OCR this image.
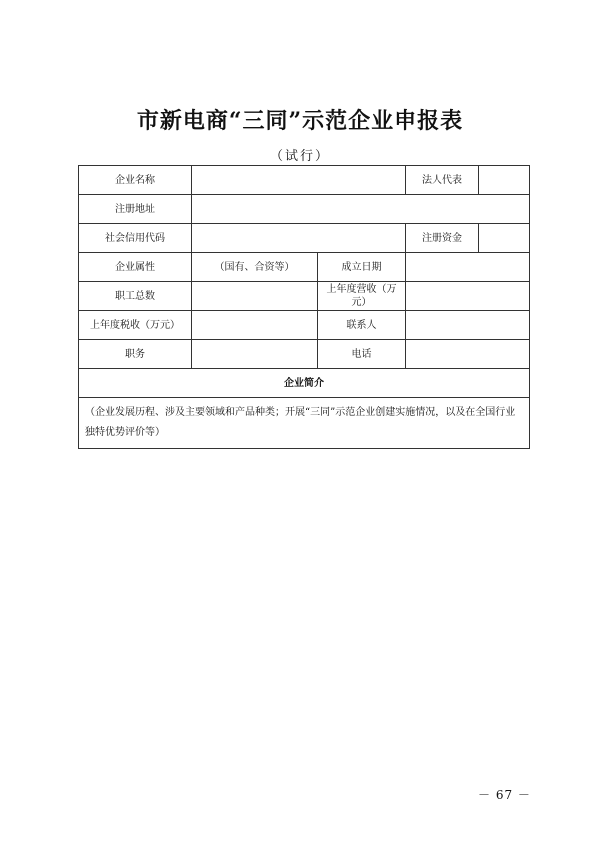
市新电商“三同”示范企业申报表
（试行）
企业名称			法人代表	
注册地址				
社会信用代码			注册资金	
企业属性	（国有、合资等）	成立日期		
职工总数		上年度营收（万元）		
上年度税收（万元）		联系人		
职务		电话		
企业简介				
（企业发展历程、涉及主要领域和产品种类；开展“三同”示范企业创建实施情况，以及在全国行业独特优势评价等）				
－ 67 －
